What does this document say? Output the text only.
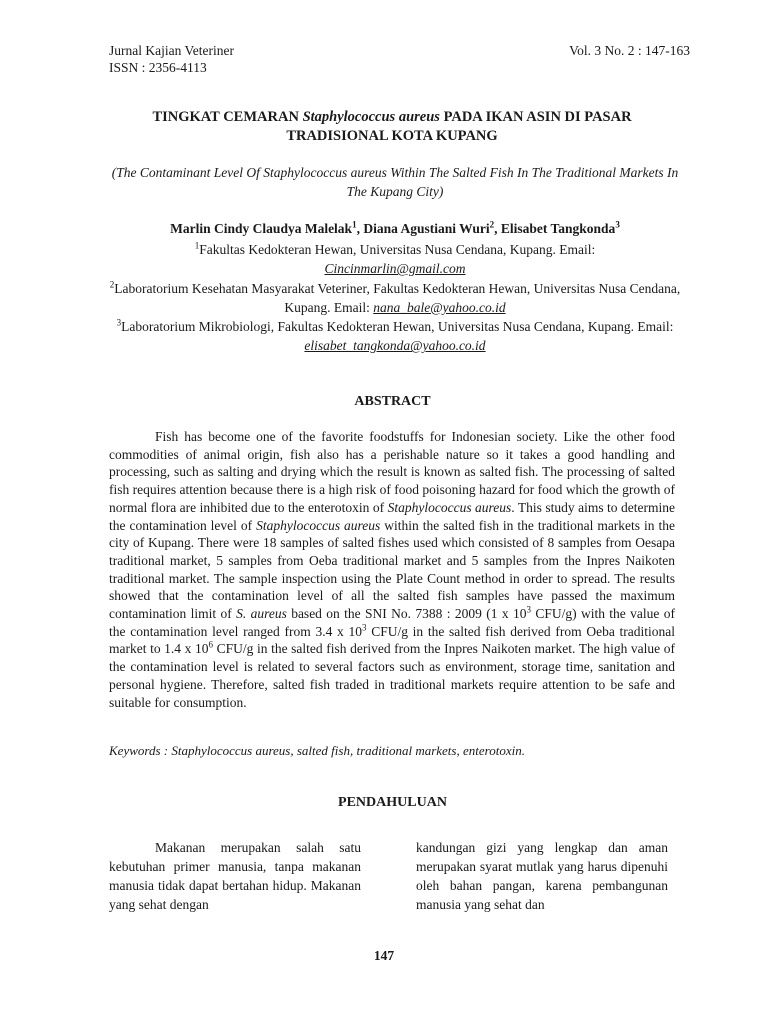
Jurnal Kajian Veteriner
ISSN : 2356-4113
Vol. 3 No. 2 : 147-163
TINGKAT CEMARAN Staphylococcus aureus PADA IKAN ASIN DI PASAR TRADISIONAL KOTA KUPANG
(The Contaminant Level Of Staphylococcus aureus Within The Salted Fish In The Traditional Markets In The Kupang City)
Marlin Cindy Claudya Malelak$^1$, Diana Agustiani Wuri$^2$, Elisabet Tangkonda$^3$
$^1$Fakultas Kedokteran Hewan, Universitas Nusa Cendana, Kupang. Email:
Cincinmarlin@gmail.com
$^2$Laboratorium Kesehatan Masyarakat Veteriner, Fakultas Kedokteran Hewan, Universitas Nusa Cendana, Kupang. Email: nana_bale@yahoo.co.id
$^3$Laboratorium Mikrobiologi, Fakultas Kedokteran Hewan, Universitas Nusa Cendana, Kupang. Email: elisabet_tangkonda@yahoo.co.id
ABSTRACT
Fish has become one of the favorite foodstuffs for Indonesian society. Like the other food commodities of animal origin, fish also has a perishable nature so it takes a good handling and processing, such as salting and drying which the result is known as salted fish. The processing of salted fish requires attention because there is a high risk of food poisoning hazard for food which the growth of normal flora are inhibited due to the enterotoxin of Staphylococcus aureus. This study aims to determine the contamination level of Staphylococcus aureus within the salted fish in the traditional markets in the city of Kupang. There were 18 samples of salted fishes used which consisted of 8 samples from Oesapa traditional market, 5 samples from Oeba traditional market and 5 samples from the Inpres Naikoten traditional market. The sample inspection using the Plate Count method in order to spread. The results showed that the contamination level of all the salted fish samples have passed the maximum contamination limit of S. aureus based on the SNI No. 7388 : 2009 (1 x $10^3$ CFU/g) with the value of the contamination level ranged from 3.4 x $10^3$ CFU/g in the salted fish derived from Oeba traditional market to 1.4 x $10^6$ CFU/g in the salted fish derived from the Inpres Naikoten market. The high value of the contamination level is related to several factors such as environment, storage time, sanitation and personal hygiene. Therefore, salted fish traded in traditional markets require attention to be safe and suitable for consumption.
Keywords : Staphylococcus aureus, salted fish, traditional markets, enterotoxin.
PENDAHULUAN
Makanan merupakan salah satu kebutuhan primer manusia, tanpa makanan manusia tidak dapat bertahan hidup. Makanan yang sehat dengan
kandungan gizi yang lengkap dan aman merupakan syarat mutlak yang harus dipenuhi oleh bahan pangan, karena pembangunan manusia yang sehat dan
147
